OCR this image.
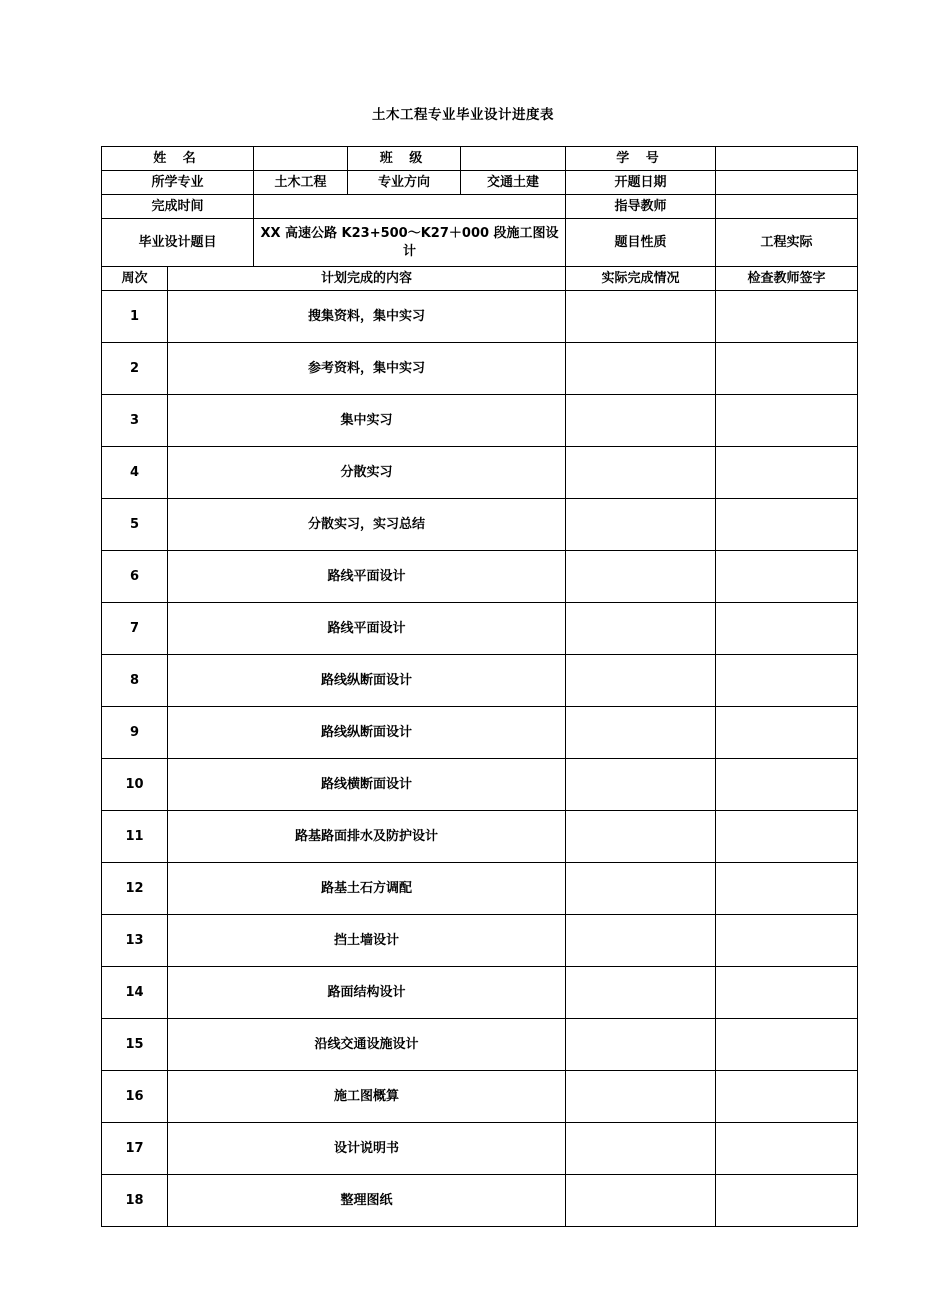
土木工程专业毕业设计进度表
姓 名			班 级		学 号	
所学专业		土木工程	专业方向	交通土建	开题日期	
完成时间					指导教师	
毕业设计题目		XX 高速公路 K23+500～K27＋000 段施工图设计			题目性质	工程实际
周次	计划完成的内容				实际完成情况	检查教师签字
1	搜集资料，集中实习					
2	参考资料，集中实习					
3	集中实习					
4	分散实习					
5	分散实习，实习总结					
6	路线平面设计					
7	路线平面设计					
8	路线纵断面设计					
9	路线纵断面设计					
10	路线横断面设计					
11	路基路面排水及防护设计					
12	路基土石方调配					
13	挡土墙设计					
14	路面结构设计					
15	沿线交通设施设计					
16	施工图概算					
17	设计说明书					
18	整理图纸					
